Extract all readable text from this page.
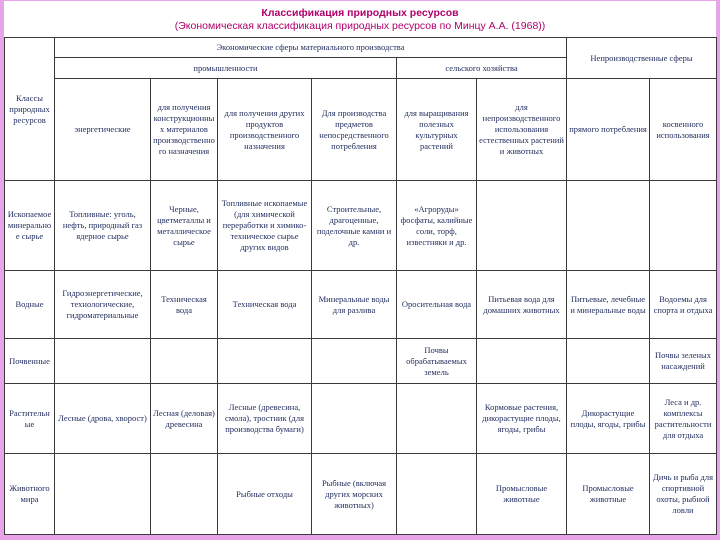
Классификация природных ресурсов
(Экономическая классификация природных ресурсов по Минцу А.А. (1968))
Классы природных ресурсов	Экономические сферы материального производства						Непроизводственные сферы	
	промышленности				сельского хозяйства			
	энергетические	для получения конструкционных материалов производственного назначения	для получения других продуктов производственного назначения	Для производства предметов непосредственного потребления	для выращивания полезных культурных растений	для непроизводственного использования естественных растений и животных	прямого потребления	косвенного использования
Ископаемое минеральное сырье	Топливные: уголь, нефть, природный газ ядерное сырье	Черные, цветметаллы и металлическое сырье	Топливные ископаемые (для химической переработки и химико-техническое сырье других видов	Строительные, драгоценные, поделочные камни и др.	«Агроруды» фосфаты, калийные соли, торф, известняки и др.			
Водные	Гидроэнергетические, технологические, гидроматериальные	Техническая вода	Техническая вода	Минеральные воды для разлива	Оросительная вода	Питьевая вода для домашних животных	Питьевые, лечебные и минеральные воды	Водоемы для спорта и отдыха
Почвенные					Почвы обрабатываемых земель			Почвы зеленых насаждений
Растительные	Лесные (дрова, хворост)	Лесная (деловая) древесина	Лесные (древесина, смола), тростник (для производства бумаги)			Кормовые растения, дикорастущие плоды, ягоды, грибы	Дикорастущие плоды, ягоды, грибы	Леса и др. комплексы растительности для отдыха
Животного мира			Рыбные отходы	Рыбные (включая других морских животных)		Промысловые животные	Промысловые животные	Дичь и рыба для спортивной охоты, рыбной ловли
